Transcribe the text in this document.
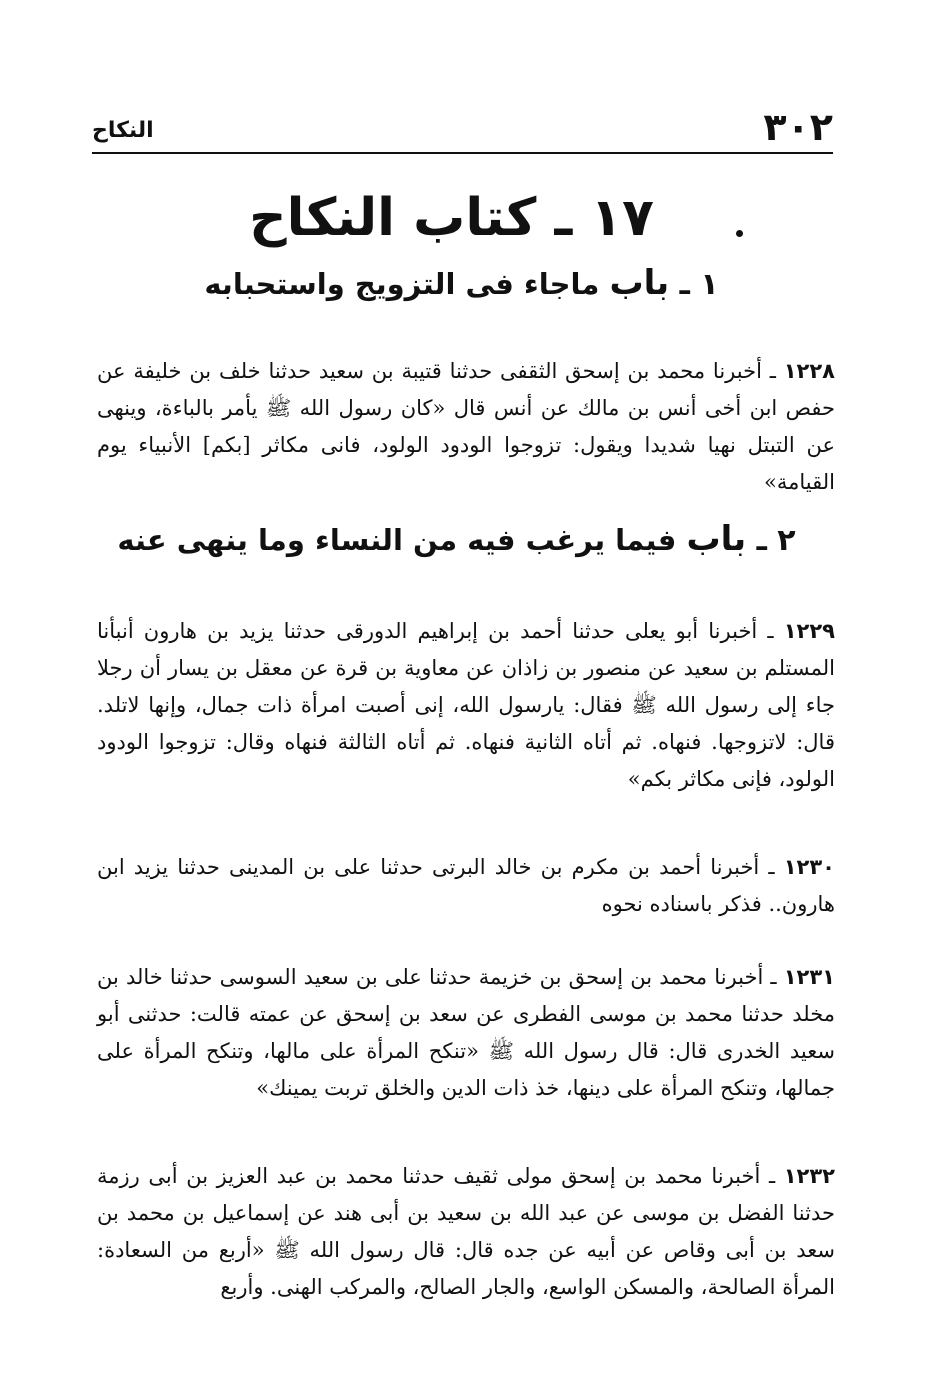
٣٠٢
النكاح
١٧ ـ كتاب النكاح
١ ـ باب ماجاء فى التزويج واستحبابه

١٢٢٨ ـ أخبرنا محمد بن إسحق الثقفى حدثنا قتيبة بن سعيد حدثنا خلف بن خليفة عن حفص ابن أخى أنس بن مالك عن أنس قال «كان رسول الله ﷺ يأمر بالباءة، وينهى عن التبتل نهيا شديدا ويقول: تزوجوا الودود الولود، فانى مكاثر [بكم] الأنبياء يوم القيامة»

٢ ـ باب فيما يرغب فيه من النساء وما ينهى عنه

١٢٢٩ ـ أخبرنا أبو يعلى حدثنا أحمد بن إبراهيم الدورقى حدثنا يزيد بن هارون أنبأنا المستلم بن سعيد عن منصور بن زاذان عن معاوية بن قرة عن معقل بن يسار أن رجلا جاء إلى رسول الله ﷺ فقال: يارسول الله، إنى أصبت امرأة ذات جمال، وإنها لاتلد. قال: لاتزوجها. فنهاه. ثم أتاه الثانية فنهاه. ثم أتاه الثالثة فنهاه وقال: تزوجوا الودود الولود، فإنى مكاثر بكم»

١٢٣٠ ـ أخبرنا أحمد بن مكرم بن خالد البرتى حدثنا على بن المدينى حدثنا يزيد ابن هارون.. فذكر باسناده نحوه

١٢٣١ ـ أخبرنا محمد بن إسحق بن خزيمة حدثنا على بن سعيد السوسى حدثنا خالد بن مخلد حدثنا محمد بن موسى الفطرى عن سعد بن إسحق عن عمته قالت: حدثنى أبو سعيد الخدرى قال: قال رسول الله ﷺ «تنكح المرأة على مالها، وتنكح المرأة على جمالها، وتنكح المرأة على دينها، خذ ذات الدين والخلق تربت يمينك»

١٢٣٢ ـ أخبرنا محمد بن إسحق مولى ثقيف حدثنا محمد بن عبد العزيز بن أبى رزمة حدثنا الفضل بن موسى عن عبد الله بن سعيد بن أبى هند عن إسماعيل بن محمد بن سعد بن أبى وقاص عن أبيه عن جده قال: قال رسول الله ﷺ «أربع من السعادة: المرأة الصالحة، والمسكن الواسع، والجار الصالح، والمركب الهنى. وأربع
